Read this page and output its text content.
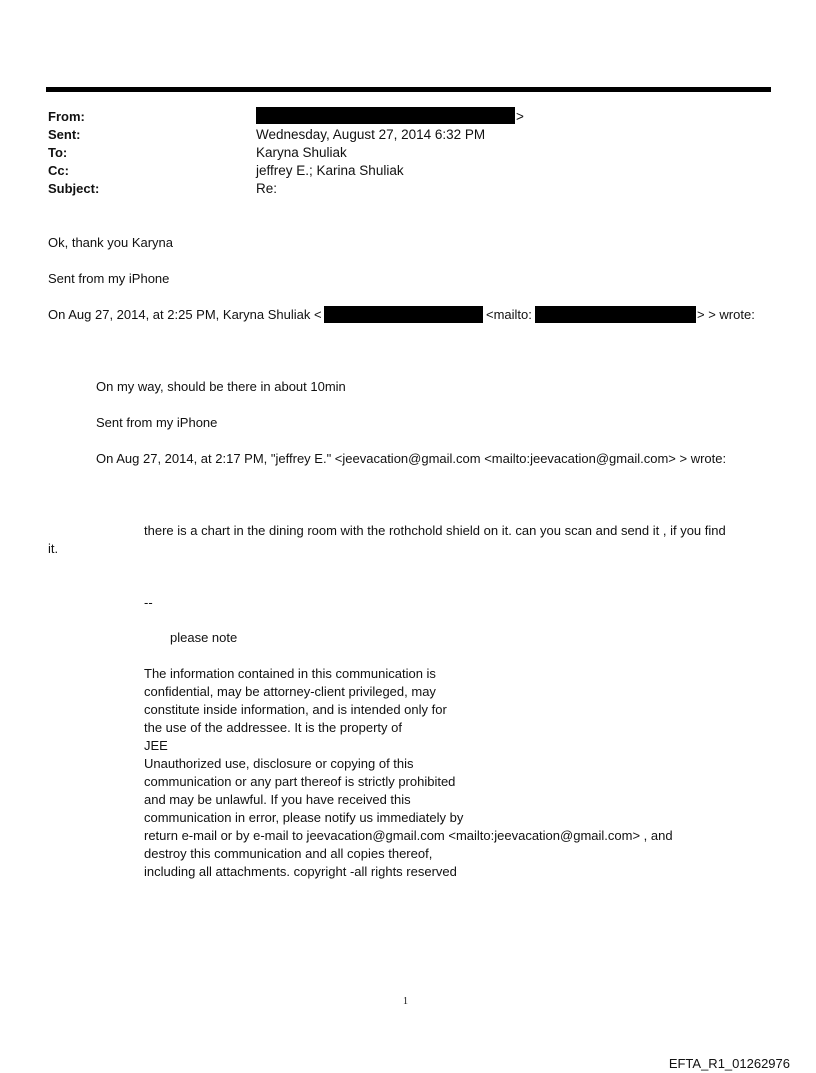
From:	>
Sent:	Wednesday, August 27, 2014 6:32 PM
To:	Karyna Shuliak
Cc:	jeffrey E.; Karina Shuliak
Subject:	Re:
Ok, thank you Karyna
Sent from my iPhone
On Aug 27, 2014, at 2:25 PM, Karyna Shuliak <	<mailto:	> > wrote:
On my way, should be there in about 10min
Sent from my iPhone
On Aug 27, 2014, at 2:17 PM, "jeffrey E." <jeevacation@gmail.com <mailto:jeevacation@gmail.com> > wrote:
there is a chart in the dining room with the rothchold shield on it. can you scan and send it , if you find
it.
--
please note
The information contained in this communication is
confidential, may be attorney-client privileged, may
constitute inside information, and is intended only for
the use of the addressee. It is the property of
JEE
Unauthorized use, disclosure or copying of this
communication or any part thereof is strictly prohibited
and may be unlawful. If you have received this
communication in error, please notify us immediately by
return e-mail or by e-mail to jeevacation@gmail.com <mailto:jeevacation@gmail.com> , and
destroy this communication and all copies thereof,
including all attachments. copyright -all rights reserved
1
EFTA_R1_01262976
